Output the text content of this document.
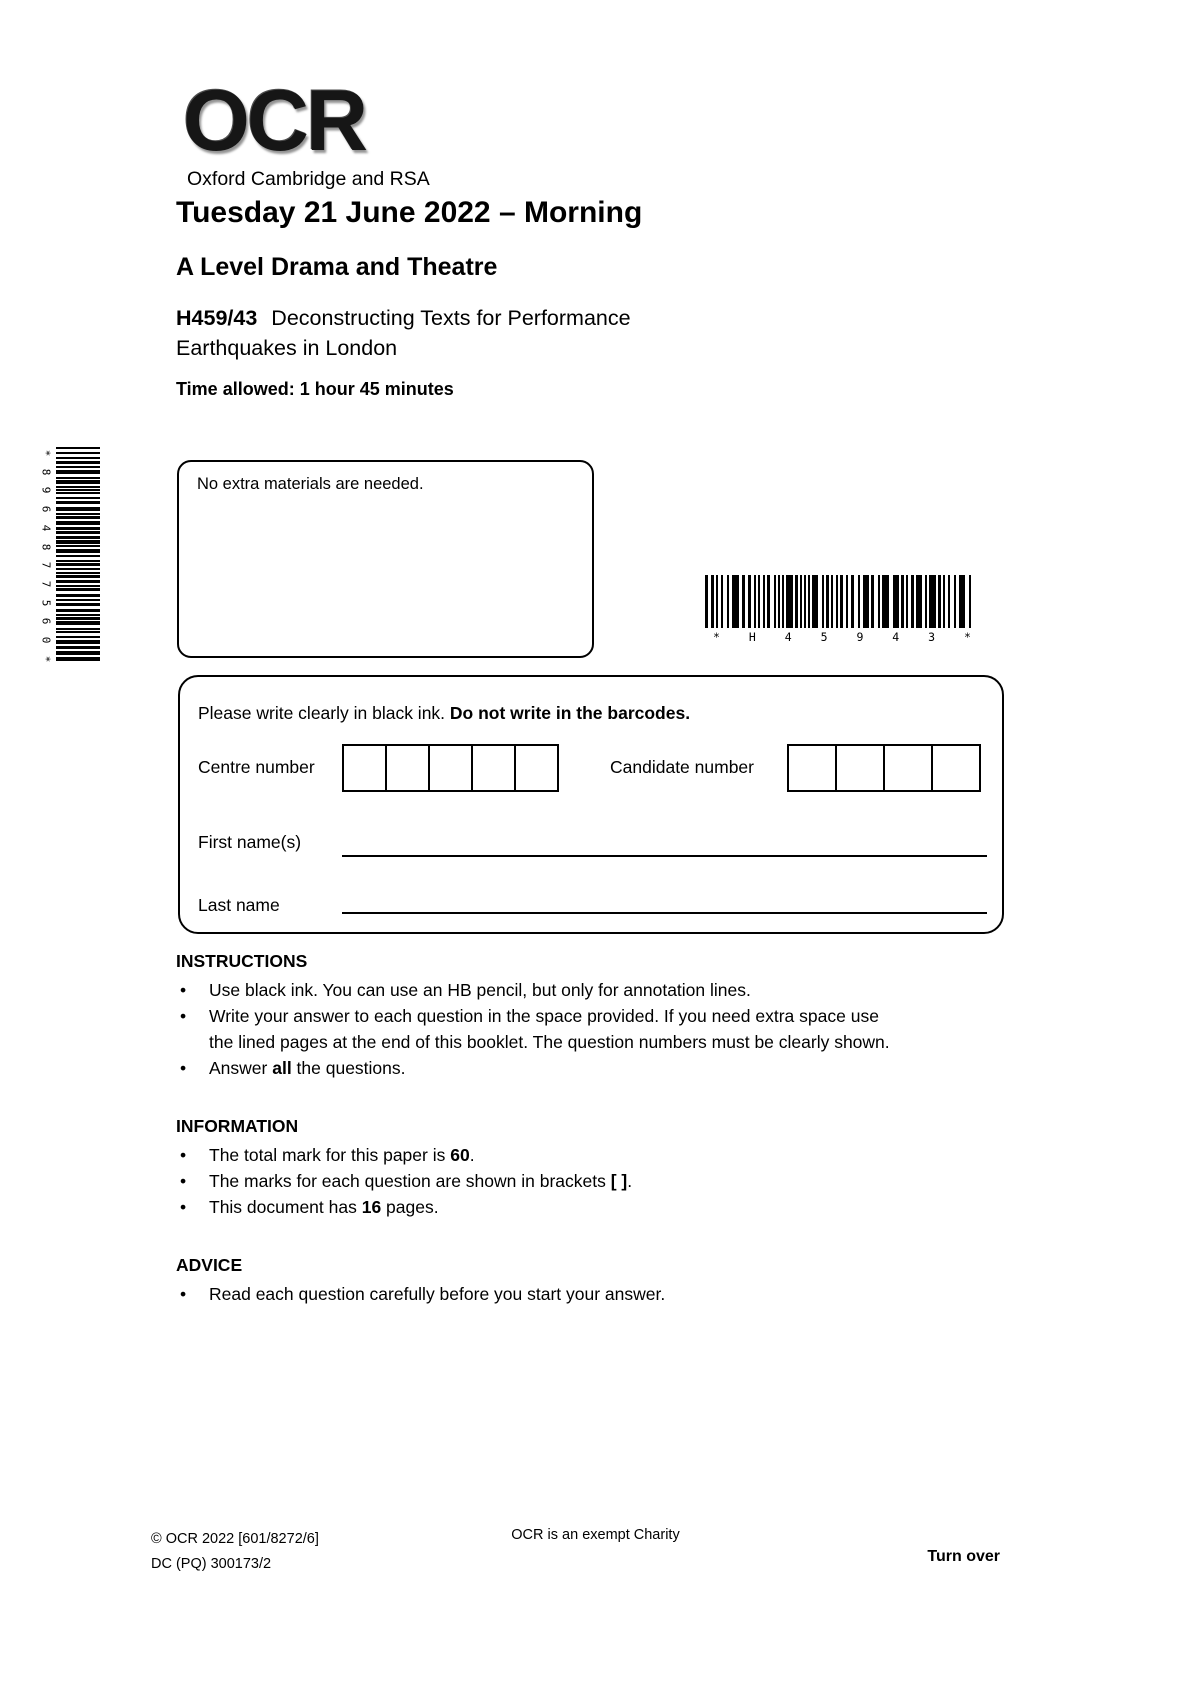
OCR
Oxford Cambridge and RSA
Tuesday 21 June 2022 – Morning
A Level Drama and Theatre
H459/43 Deconstructing Texts for Performance
Earthquakes in London
Time allowed: 1 hour 45 minutes
*
8
9
6
4
8
7
7
5
6
0
*
No extra materials are needed.
*	H	4	5	9	4	3	*
Please write clearly in black ink. Do not write in the barcodes.
Centre number	Candidate number
First name(s)
Last name
INSTRUCTIONS
•	Use black ink. You can use an HB pencil, but only for annotation lines.
•	Write your answer to each question in the space provided. If you need extra space use
the lined pages at the end of this booklet. The question numbers must be clearly shown.
•	Answer all the questions.
INFORMATION
•	The total mark for this paper is 60.
•	The marks for each question are shown in brackets [ ].
•	This document has 16 pages.
ADVICE
•	Read each question carefully before you start your answer.
© OCR 2022 [601/8272/6]
DC (PQ) 300173/2
OCR is an exempt Charity
Turn over
